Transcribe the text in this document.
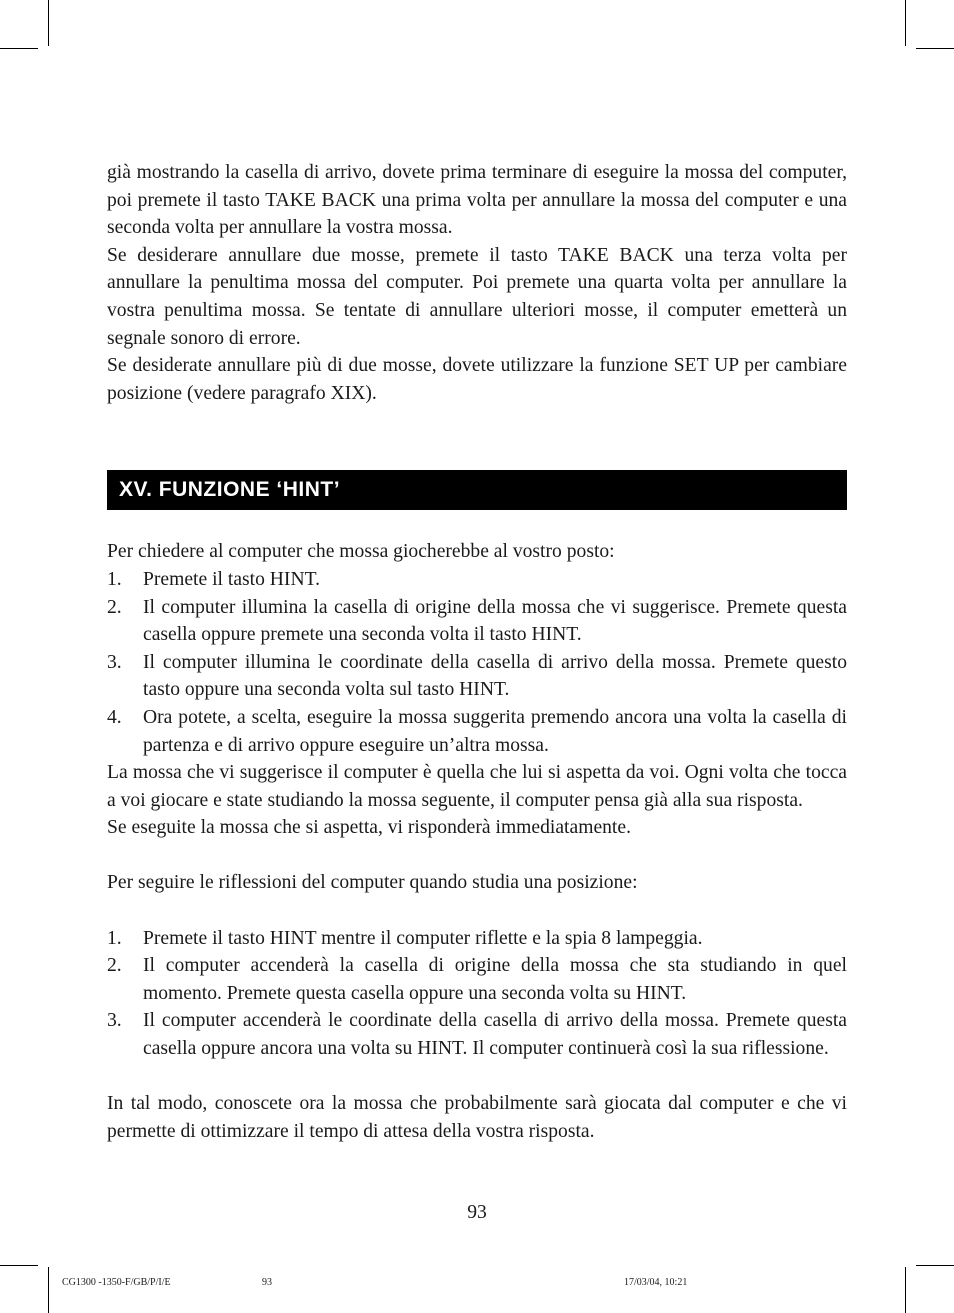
già mostrando la casella di arrivo, dovete prima terminare di eseguire la mossa del computer, poi premete il tasto TAKE BACK una prima volta per annullare la mossa del computer e una seconda volta per annullare la vostra mossa.

Se desiderare annullare due mosse, premete il tasto TAKE BACK una terza volta per annullare la penultima mossa del computer. Poi premete una quarta volta per annullare la vostra penultima mossa. Se tentate di annullare ulteriori mosse, il computer emetterà un segnale sonoro di errore.

Se desiderate annullare più di due mosse, dovete utilizzare la funzione SET UP per cambiare posizione (vedere paragrafo XIX).

XV. FUNZIONE ‘HINT’

Per chiedere al computer che mossa giocherebbe al vostro posto:

1. Premete il tasto HINT.
2. Il computer illumina la casella di origine della mossa che vi suggerisce. Premete questa casella oppure premete una seconda volta il tasto HINT.
3. Il computer illumina le coordinate della casella di arrivo della mossa. Premete questo tasto oppure una seconda volta sul tasto HINT.
4. Ora potete, a scelta, eseguire la mossa suggerita premendo ancora una volta la casella di partenza e di arrivo oppure eseguire un’altra mossa.

La mossa che vi suggerisce il computer è quella che lui si aspetta da voi. Ogni volta che tocca a voi giocare e state studiando la mossa seguente, il computer pensa già alla sua risposta.

Se eseguite la mossa che si aspetta, vi risponderà immediatamente.

Per seguire le riflessioni del computer quando studia una posizione:

1. Premete il tasto HINT mentre il computer riflette e la spia 8 lampeggia.
2. Il computer accenderà la casella di origine della mossa che sta studiando in quel momento. Premete questa casella oppure una seconda volta su HINT.
3. Il computer accenderà le coordinate della casella di arrivo della mossa. Premete questa casella oppure ancora una volta su HINT. Il computer continuerà così la sua riflessione.

In tal modo, conoscete ora la mossa che probabilmente sarà giocata dal computer e che vi permette di ottimizzare il tempo di attesa della vostra risposta.

93
CG1300 -1350-F/GB/P/I/E	93	17/03/04, 10:21
